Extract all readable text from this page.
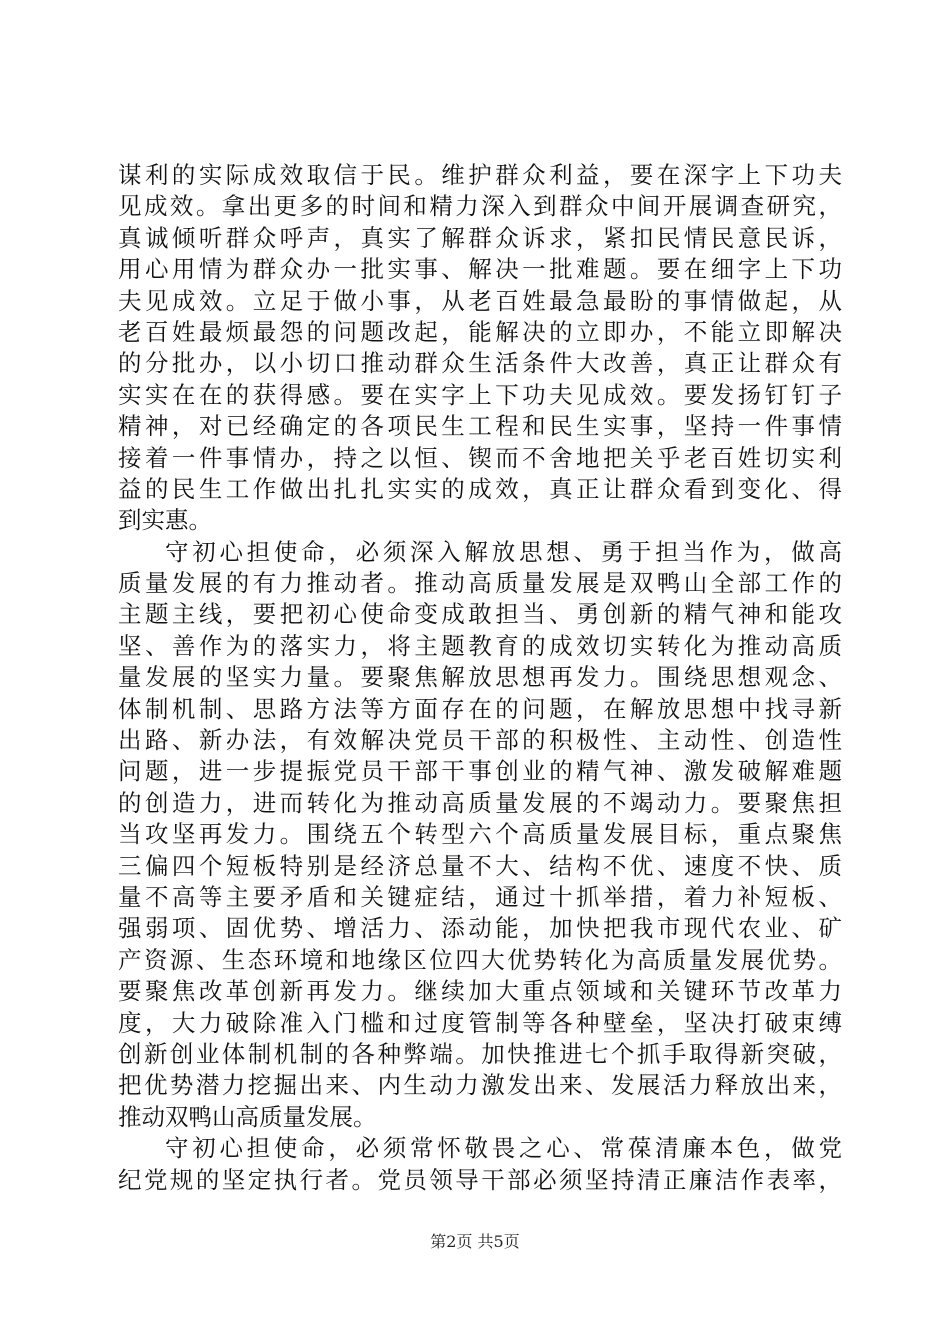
谋利的实际成效取信于民。维护群众利益，要在深字上下功夫
见成效。拿出更多的时间和精力深入到群众中间开展调查研究，
真诚倾听群众呼声，真实了解群众诉求，紧扣民情民意民诉，
用心用情为群众办一批实事、解决一批难题。要在细字上下功
夫见成效。立足于做小事，从老百姓最急最盼的事情做起，从
老百姓最烦最怨的问题改起，能解决的立即办，不能立即解决
的分批办，以小切口推动群众生活条件大改善，真正让群众有
实实在在的获得感。要在实字上下功夫见成效。要发扬钉钉子
精神，对已经确定的各项民生工程和民生实事，坚持一件事情
接着一件事情办，持之以恒、锲而不舍地把关乎老百姓切实利
益的民生工作做出扎扎实实的成效，真正让群众看到变化、得
到实惠。
守初心担使命，必须深入解放思想、勇于担当作为，做高
质量发展的有力推动者。推动高质量发展是双鸭山全部工作的
主题主线，要把初心使命变成敢担当、勇创新的精气神和能攻
坚、善作为的落实力，将主题教育的成效切实转化为推动高质
量发展的坚实力量。要聚焦解放思想再发力。围绕思想观念、
体制机制、思路方法等方面存在的问题，在解放思想中找寻新
出路、新办法，有效解决党员干部的积极性、主动性、创造性
问题，进一步提振党员干部干事创业的精气神、激发破解难题
的创造力，进而转化为推动高质量发展的不竭动力。要聚焦担
当攻坚再发力。围绕五个转型六个高质量发展目标，重点聚焦
三偏四个短板特别是经济总量不大、结构不优、速度不快、质
量不高等主要矛盾和关键症结，通过十抓举措，着力补短板、
强弱项、固优势、增活力、添动能，加快把我市现代农业、矿
产资源、生态环境和地缘区位四大优势转化为高质量发展优势。
要聚焦改革创新再发力。继续加大重点领域和关键环节改革力
度，大力破除准入门槛和过度管制等各种壁垒，坚决打破束缚
创新创业体制机制的各种弊端。加快推进七个抓手取得新突破，
把优势潜力挖掘出来、内生动力激发出来、发展活力释放出来，
推动双鸭山高质量发展。
守初心担使命，必须常怀敬畏之心、常葆清廉本色，做党
纪党规的坚定执行者。党员领导干部必须坚持清正廉洁作表率，
第2页 共5页
